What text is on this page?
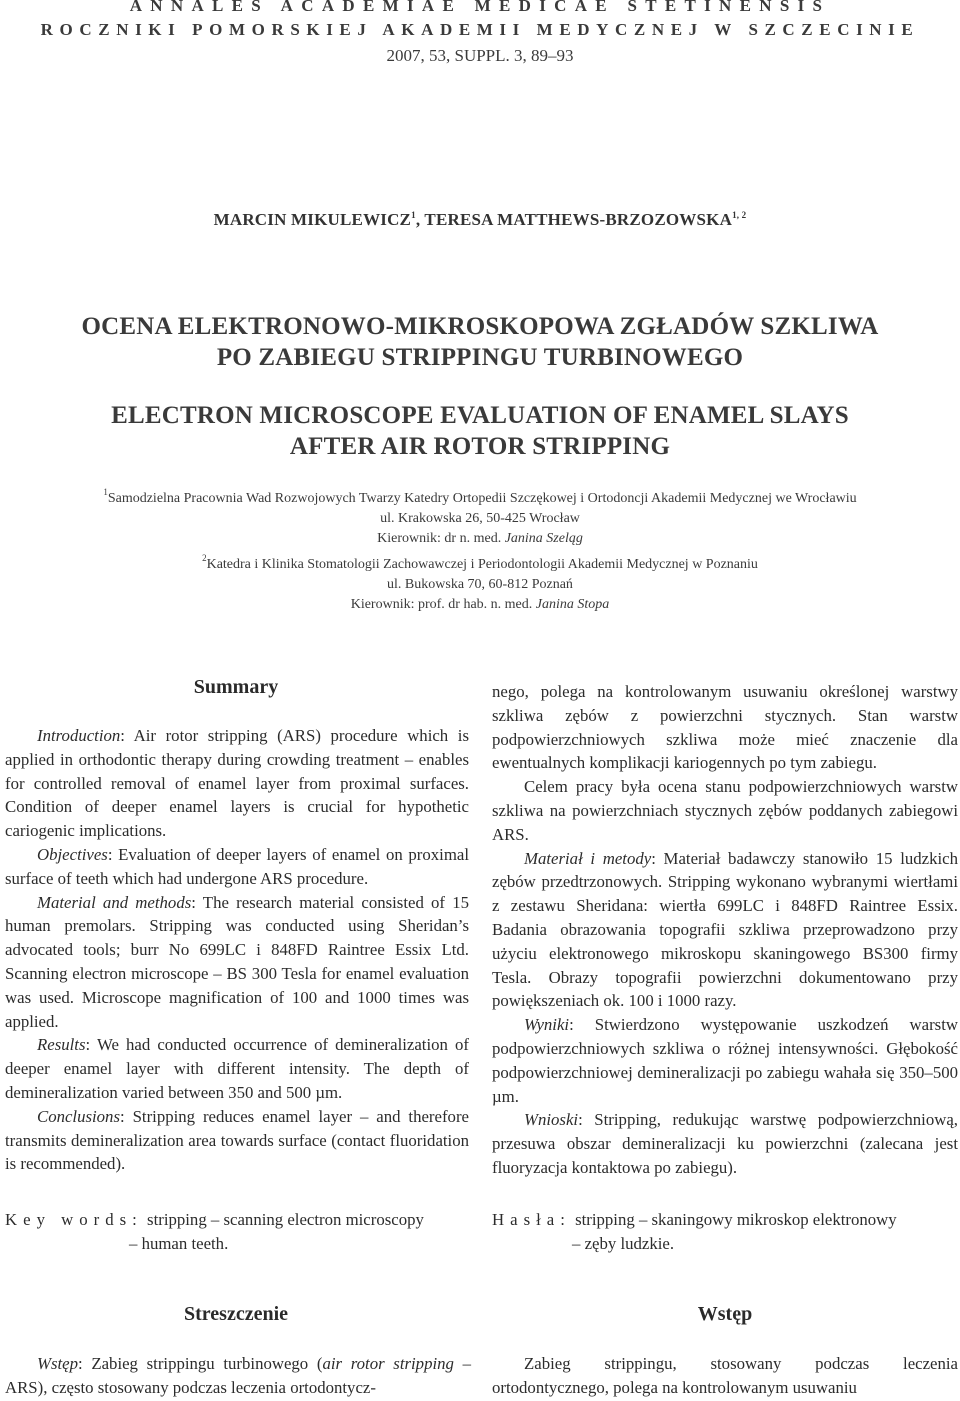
ANNALES ACADEMIAE MEDICAE STETINENSIS
ROCZNIKI POMORSKIEJ AKADEMII MEDYCZNEJ W SZCZECINIE
2007, 53, SUPPL. 3, 89–93
MARCIN MIKULEWICZ$^1$, TERESA MATTHEWS-BRZOZOWSKA$^{1, 2}$
OCENA ELEKTRONOWO-MIKROSKOPOWA ZGŁADÓW SZKLIWA
PO ZABIEGU STRIPPINGU TURBINOWEGO
ELECTRON MICROSCOPE EVALUATION OF ENAMEL SLAYS
AFTER AIR ROTOR STRIPPING
$^1$Samodzielna Pracownia Wad Rozwojowych Twarzy Katedry Ortopedii Szczękowej i Ortodoncji Akademii Medycznej we Wrocławiu
ul. Krakowska 26, 50-425 Wrocław
Kierownik: dr n. med. Janina Szeląg
$^2$Katedra i Klinika Stomatologii Zachowawczej i Periodontologii Akademii Medycznej w Poznaniu
ul. Bukowska 70, 60-812 Poznań
Kierownik: prof. dr hab. n. med. Janina Stopa
Summary

Introduction: Air rotor stripping (ARS) procedure which is applied in orthodontic therapy during crowding treatment – enables for controlled removal of enamel layer from proximal surfaces. Condition of deeper enamel layers is crucial for hypothetic cariogenic implications.

Objectives: Evaluation of deeper layers of enamel on proximal surface of teeth which had undergone ARS procedure.

Material and methods: The research material consisted of 15 human premolars. Stripping was conducted using Sheridan’s advocated tools; burr No 699LC i 848FD Raintree Essix Ltd. Scanning electron microscope – BS 300 Tesla for enamel evaluation was used. Microscope magnification of 100 and 1000 times was applied.

Results: We had conducted occurrence of demineralization of deeper enamel layer with different intensity. The depth of demineralization varied between 350 and 500 µm.

Conclusions: Stripping reduces enamel layer – and therefore transmits demineralization area towards surface (contact fluoridation is recommended).

Key words: stripping – scanning electron microscopy
– human teeth.

nego, polega na kontrolowanym usuwaniu określonej warstwy szkliwa zębów z powierzchni stycznych. Stan warstw podpowierzchniowych szkliwa może mieć znaczenie dla ewentualnych komplikacji kariogennych po tym zabiegu.

Celem pracy była ocena stanu podpowierzchniowych warstw szkliwa na powierzchniach stycznych zębów poddanych zabiegowi ARS.

Materiał i metody: Materiał badawczy stanowiło 15 ludzkich zębów przedtrzonowych. Stripping wykonano wybranymi wiertłami z zestawu Sheridana: wiertła 699LC i 848FD Raintree Essix. Badania obrazowania topografii szkliwa przeprowadzono przy użyciu elektronowego mikroskopu skaningowego BS300 firmy Tesla. Obrazy topografii powierzchni dokumentowano przy powiększeniach ok. 100 i 1000 razy.

Wyniki: Stwierdzono występowanie uszkodzeń warstw podpowierzchniowych szkliwa o różnej intensywności. Głębokość podpowierzchniowej demineralizacji po zabiegu wahała się 350–500 µm.

Wnioski: Stripping, redukując warstwę podpowierzchniową, przesuwa obszar demineralizacji ku powierzchni (zalecana jest fluoryzacja kontaktowa po zabiegu).

Hasła: stripping – skaningowy mikroskop elektronowy
– zęby ludzkie.
Streszczenie

Wstęp: Zabieg strippingu turbinowego (air rotor stripping – ARS), często stosowany podczas leczenia ortodontycz-

Wstęp

Zabieg strippingu, stosowany podczas leczenia ortodontycznego, polega na kontrolowanym usuwaniu
